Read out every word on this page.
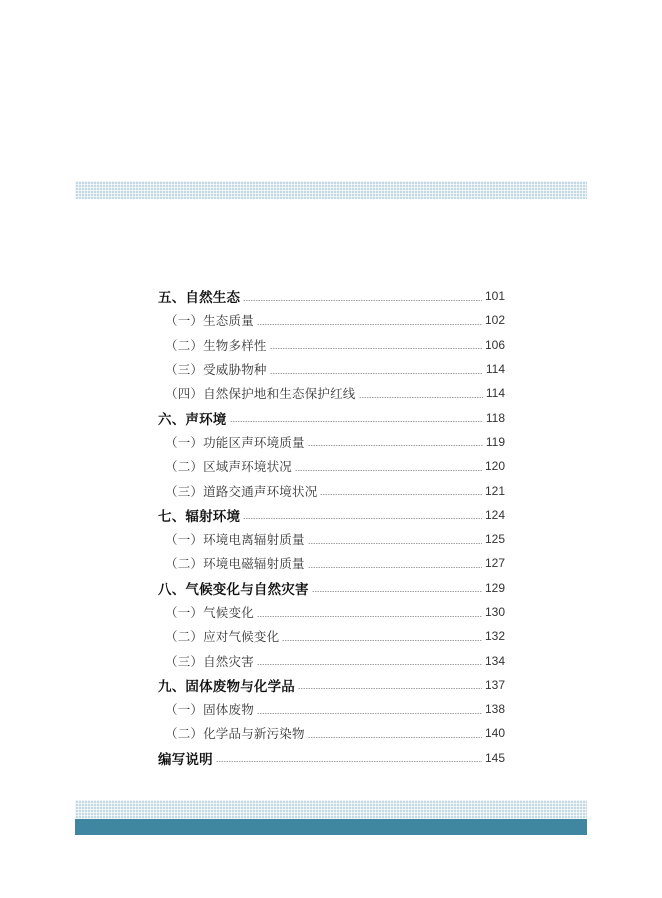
五、自然生态	101
（一）生态质量	102
（二）生物多样性	106
（三）受威胁物种	114
（四）自然保护地和生态保护红线	114
六、声环境	118
（一）功能区声环境质量	119
（二）区域声环境状况	120
（三）道路交通声环境状况	121
七、辐射环境	124
（一）环境电离辐射质量	125
（二）环境电磁辐射质量	127
八、气候变化与自然灾害	129
（一）气候变化	130
（二）应对气候变化	132
（三）自然灾害	134
九、固体废物与化学品	137
（一）固体废物	138
（二）化学品与新污染物	140
编写说明	145
